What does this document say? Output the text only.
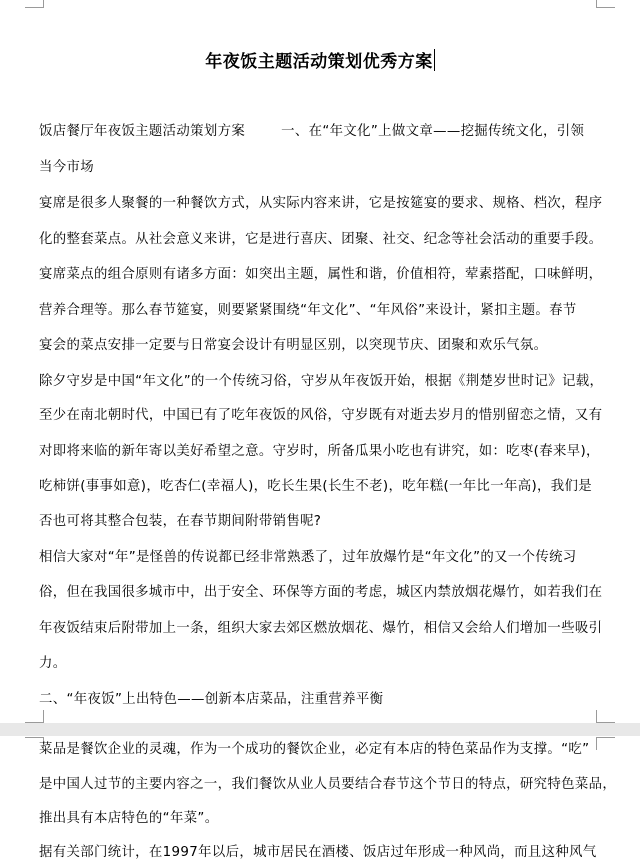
年夜饭主题活动策划优秀方案
饭店餐厅年夜饭主题活动策划方案	一、在“年文化”上做文章——挖掘传统文化，引领
当今市场
宴席是很多人聚餐的一种餐饮方式，从实际内容来讲，它是按筵宴的要求、规格、档次，程序
化的整套菜点。从社会意义来讲，它是进行喜庆、团聚、社交、纪念等社会活动的重要手段。
宴席菜点的组合原则有诸多方面：如突出主题，属性和谐，价值相符，荤素搭配，口味鲜明，
营养合理等。那么春节筵宴，则要紧紧围绕“年文化”、“年风俗”来设计，紧扣主题。春节
宴会的菜点安排一定要与日常宴会设计有明显区别，以突现节庆、团聚和欢乐气氛。
除夕守岁是中国“年文化”的一个传统习俗，守岁从年夜饭开始，根据《荆楚岁世时记》记载，
至少在南北朝时代，中国已有了吃年夜饭的风俗，守岁既有对逝去岁月的惜别留恋之情，又有
对即将来临的新年寄以美好希望之意。守岁时，所备瓜果小吃也有讲究，如：吃枣(春来早)，
吃柿饼(事事如意)，吃杏仁(幸福人)，吃长生果(长生不老)，吃年糕(一年比一年高)，我们是
否也可将其整合包装，在春节期间附带销售呢?
相信大家对“年”是怪兽的传说都已经非常熟悉了，过年放爆竹是“年文化”的又一个传统习
俗，但在我国很多城市中，出于安全、环保等方面的考虑，城区内禁放烟花爆竹，如若我们在
年夜饭结束后附带加上一条，组织大家去郊区燃放烟花、爆竹，相信又会给人们增加一些吸引
力。
二、“年夜饭”上出特色——创新本店菜品，注重营养平衡
菜品是餐饮企业的灵魂，作为一个成功的餐饮企业，必定有本店的特色菜品作为支撑。“吃”
是中国人过节的主要内容之一，我们餐饮从业人员要结合春节这个节日的特点，研究特色菜品，
推出具有本店特色的“年菜”。
据有关部门统计，在1997年以后，城市居民在酒楼、饭店过年形成一种风尚，而且这种风气
